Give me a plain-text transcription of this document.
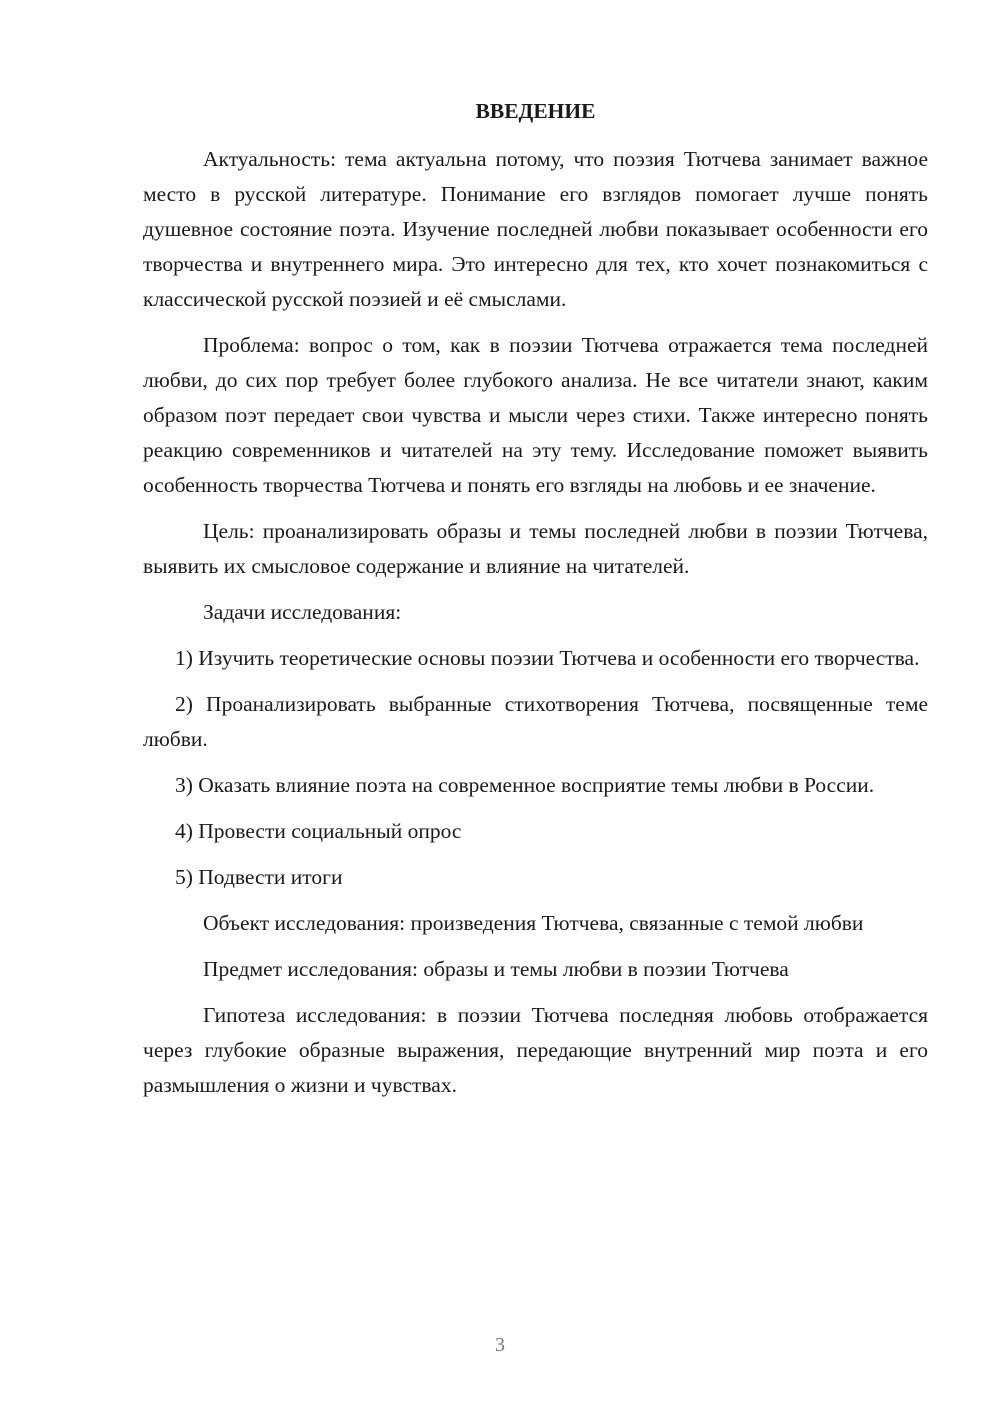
ВВЕДЕНИЕ

Актуальность: тема актуальна потому, что поэзия Тютчева занимает важное место в русской литературе. Понимание его взглядов помогает лучше понять душевное состояние поэта. Изучение последней любви показывает особенности его творчества и внутреннего мира. Это интересно для тех, кто хочет познакомиться с классической русской поэзией и её смыслами.

Проблема: вопрос о том, как в поэзии Тютчева отражается тема последней любви, до сих пор требует более глубокого анализа. Не все читатели знают, каким образом поэт передает свои чувства и мысли через стихи. Также интересно понять реакцию современников и читателей на эту тему. Исследование поможет выявить особенность творчества Тютчева и понять его взгляды на любовь и ее значение.

Цель: проанализировать образы и темы последней любви в поэзии Тютчева, выявить их смысловое содержание и влияние на читателей.

Задачи исследования:

1) Изучить теоретические основы поэзии Тютчева и особенности его творчества.

2) Проанализировать выбранные стихотворения Тютчева, посвященные теме любви.

3) Оказать влияние поэта на современное восприятие темы любви в России.

4) Провести социальный опрос

5) Подвести итоги

Объект исследования: произведения Тютчева, связанные с темой любви

Предмет исследования: образы и темы любви в поэзии Тютчева

Гипотеза исследования: в поэзии Тютчева последняя любовь отображается через глубокие образные выражения, передающие внутренний мир поэта и его размышления о жизни и чувствах.

3
